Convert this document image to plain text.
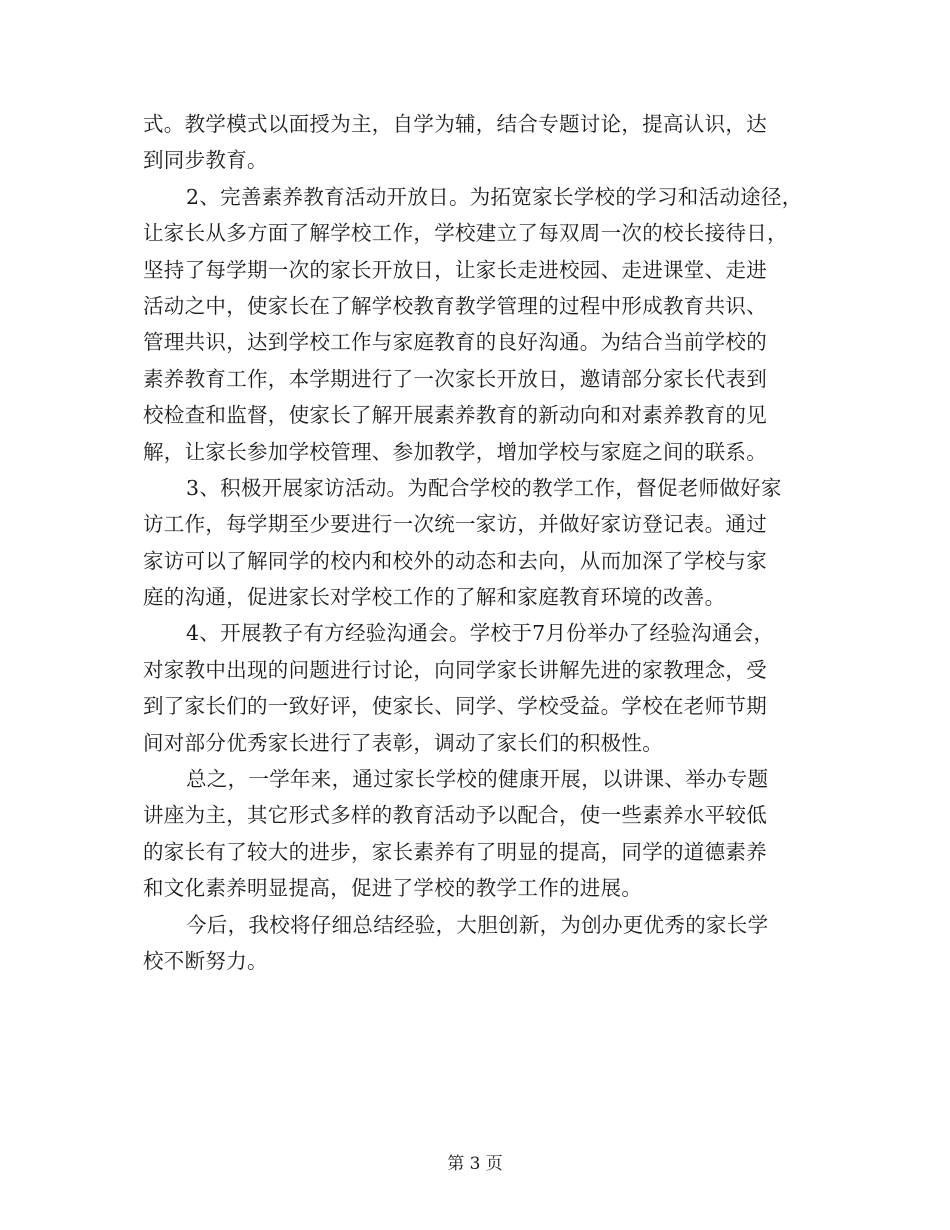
式。教学模式以面授为主，自学为辅，结合专题讨论，提高认识，达
到同步教育。
2、完善素养教育活动开放日。为拓宽家长学校的学习和活动途径，
让家长从多方面了解学校工作，学校建立了每双周一次的校长接待日，
坚持了每学期一次的家长开放日，让家长走进校园、走进课堂、走进
活动之中，使家长在了解学校教育教学管理的过程中形成教育共识、
管理共识，达到学校工作与家庭教育的良好沟通。为结合当前学校的
素养教育工作，本学期进行了一次家长开放日，邀请部分家长代表到
校检查和监督，使家长了解开展素养教育的新动向和对素养教育的见
解，让家长参加学校管理、参加教学，增加学校与家庭之间的联系。
3、积极开展家访活动。为配合学校的教学工作，督促老师做好家
访工作，每学期至少要进行一次统一家访，并做好家访登记表。通过
家访可以了解同学的校内和校外的动态和去向，从而加深了学校与家
庭的沟通，促进家长对学校工作的了解和家庭教育环境的改善。
4、开展教子有方经验沟通会。学校于7月份举办了经验沟通会，
对家教中出现的问题进行讨论，向同学家长讲解先进的家教理念，受
到了家长们的一致好评，使家长、同学、学校受益。学校在老师节期
间对部分优秀家长进行了表彰，调动了家长们的积极性。
总之，一学年来，通过家长学校的健康开展，以讲课、举办专题
讲座为主，其它形式多样的教育活动予以配合，使一些素养水平较低
的家长有了较大的进步，家长素养有了明显的提高，同学的道德素养
和文化素养明显提高，促进了学校的教学工作的进展。
今后，我校将仔细总结经验，大胆创新，为创办更优秀的家长学
校不断努力。
第 3 页
